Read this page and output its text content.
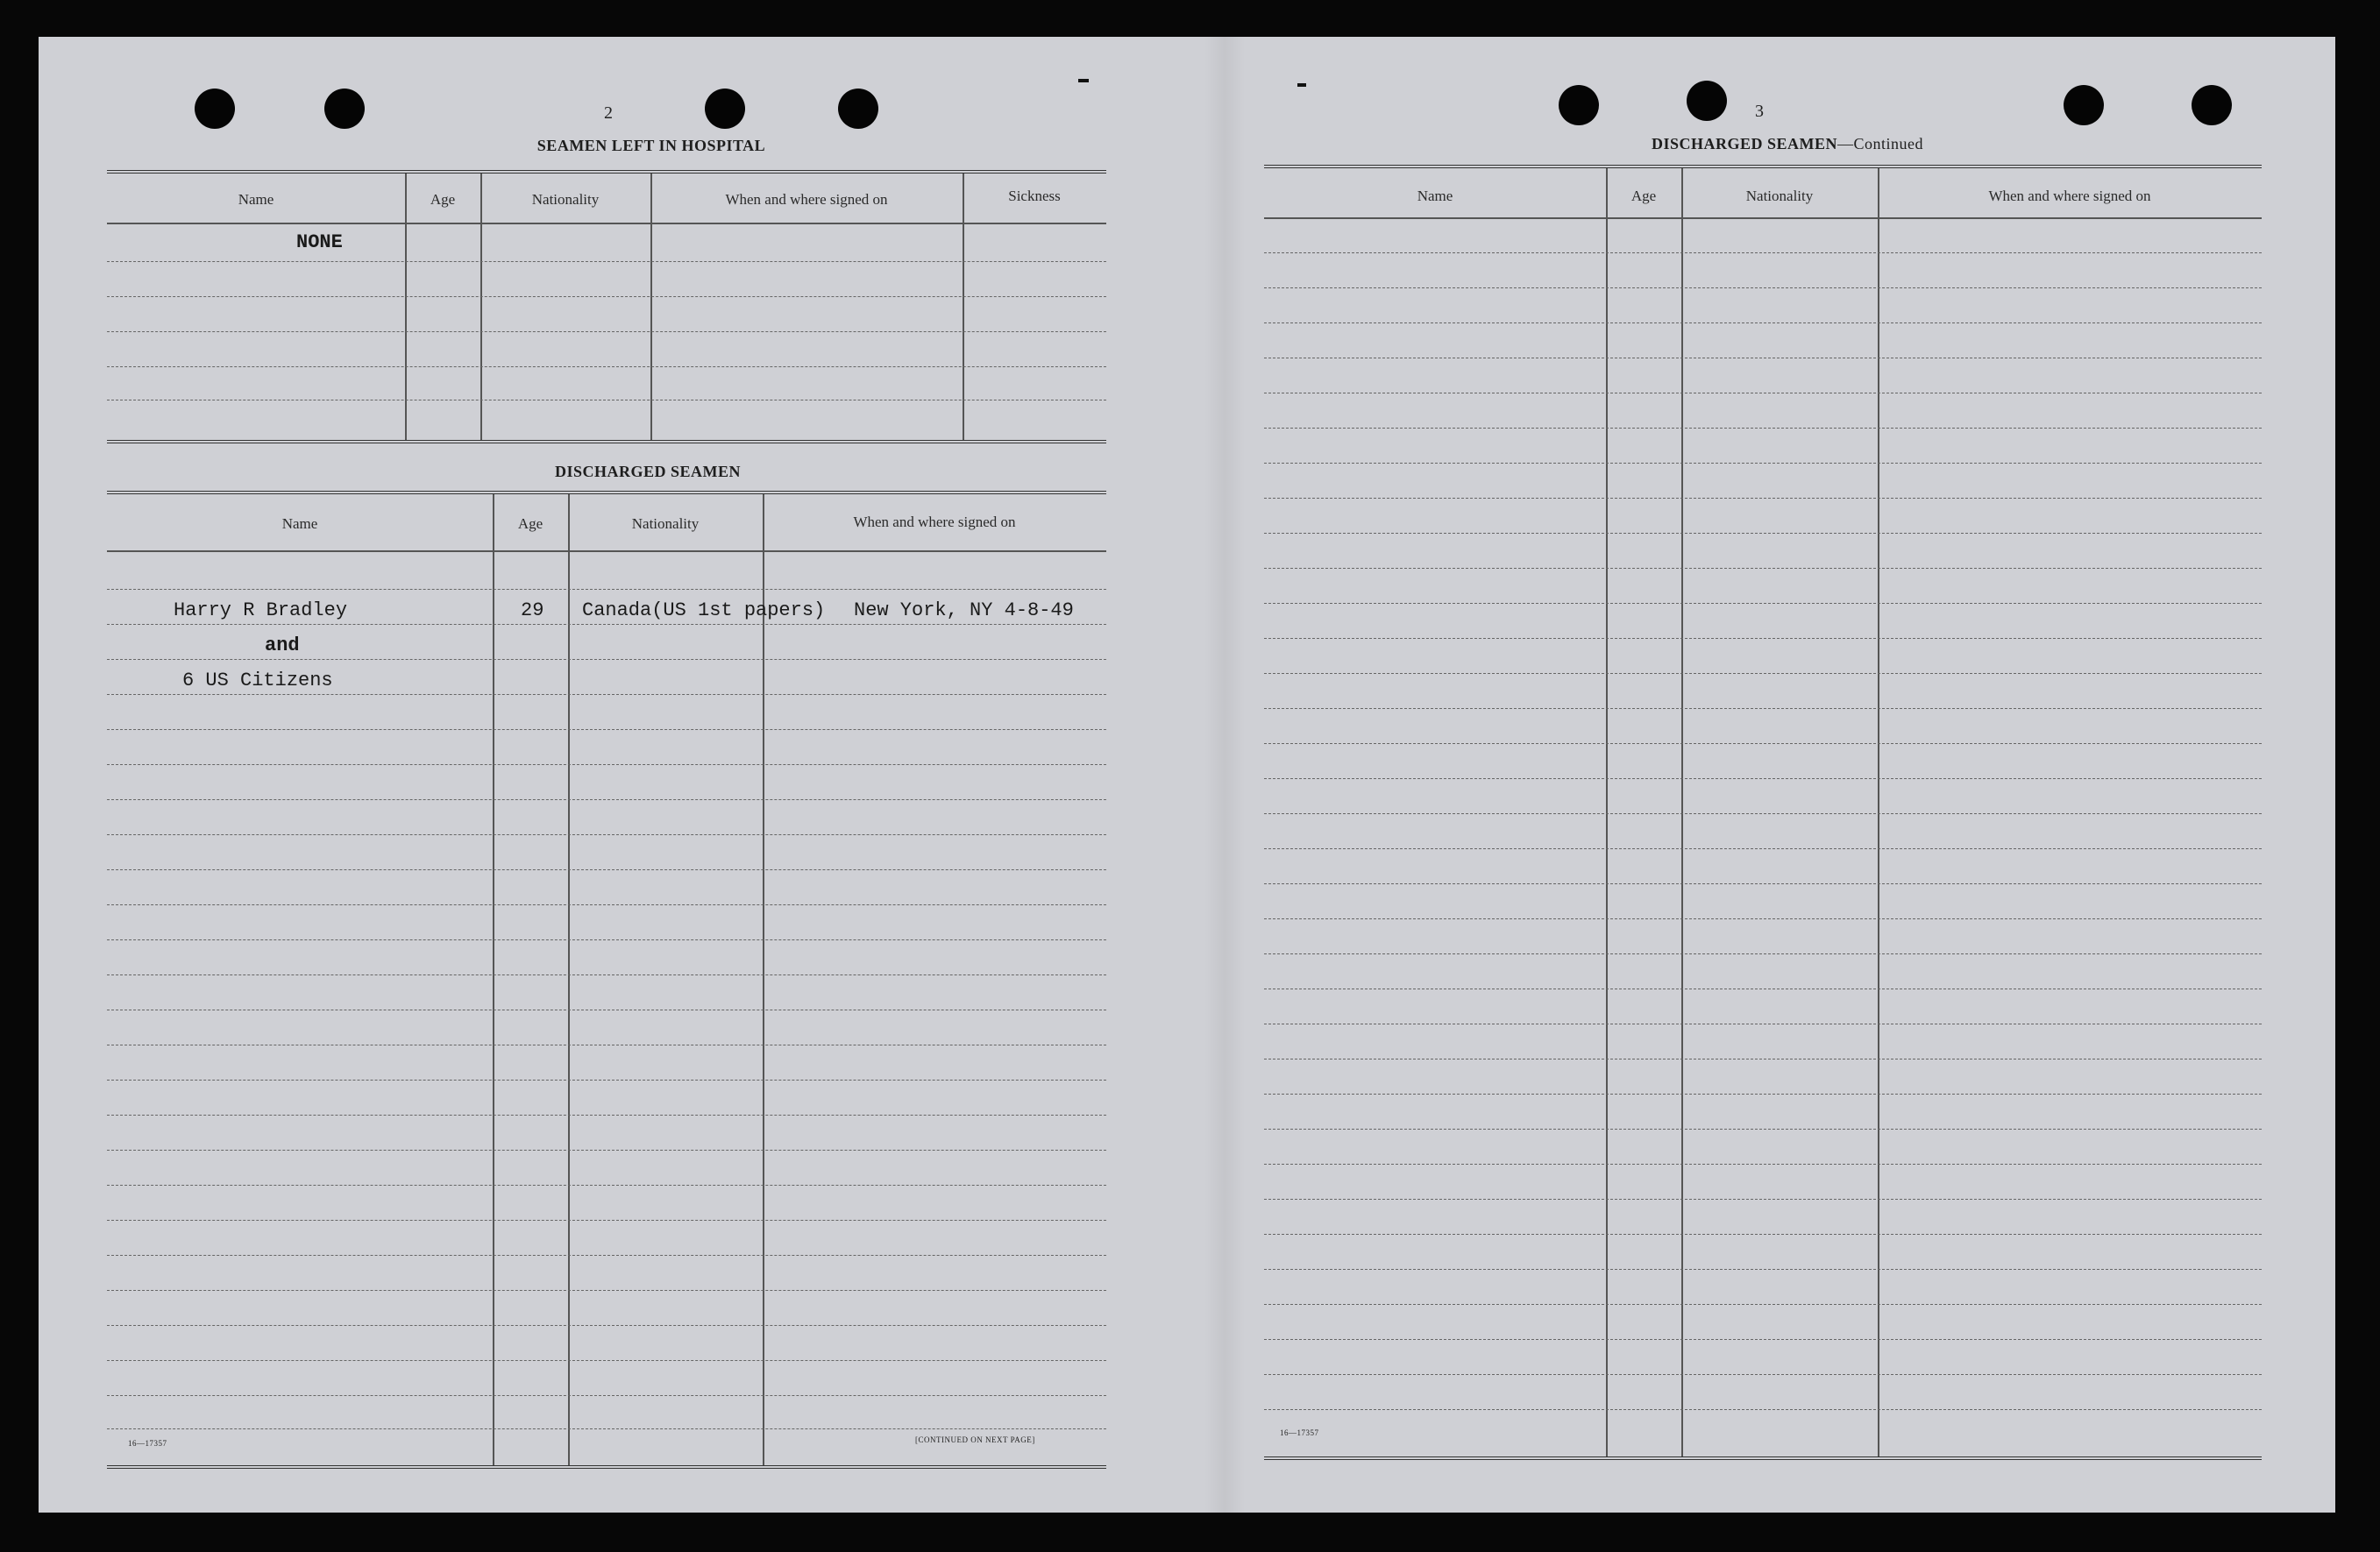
2
SEAMEN LEFT IN HOSPITAL
Name	Age	Nationality	When and where signed on	Sickness
NONE
DISCHARGED SEAMEN
Name	Age	Nationality	When and where signed on
Harry R Bradley	29 Canada(US 1st papers) New York, NY 4-8-49
and
6 US Citizens
16—17357	[CONTINUED ON NEXT PAGE]
3
DISCHARGED SEAMEN—Continued
Name	Age	Nationality	When and where signed on
16—17357
